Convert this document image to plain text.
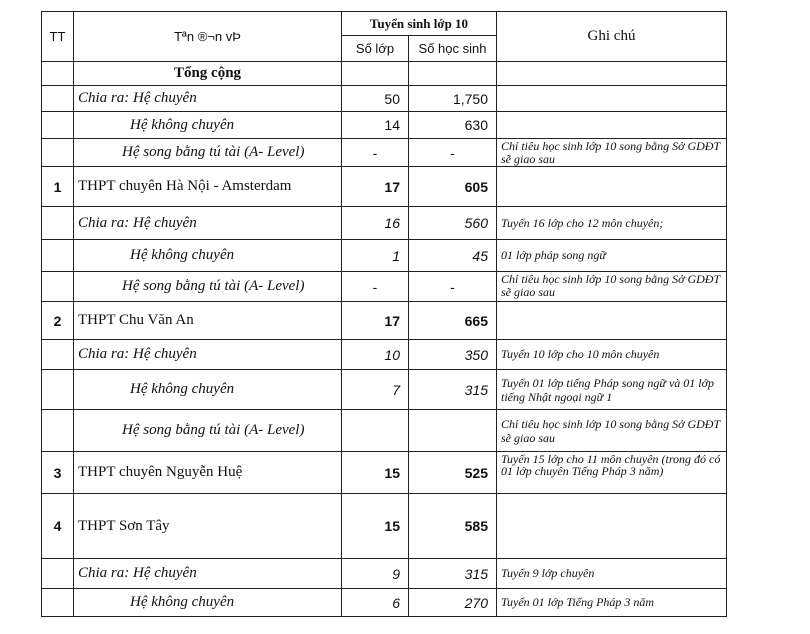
TT	Tªn ®¬n vÞ	Tuyển sinh lớp 10		Ghi chú
		Số lớp	Số học sinh	
	Tổng cộng			
	Chia ra: Hệ chuyên	50	1,750	
	Hệ không chuyên	14	630	
	Hệ song bằng tú tài (A- Level)	-	-	Chỉ tiêu học sinh lớp 10 song bằng Sở GDĐT sẽ giao sau
1	THPT chuyên Hà Nội - Amsterdam	17	605	
	Chia ra: Hệ chuyên	16	560	Tuyển 16 lớp cho 12 môn chuyên;
	Hệ không chuyên	1	45	01 lớp pháp song ngữ
	Hệ song bằng tú tài (A- Level)	-	-	Chỉ tiêu học sinh lớp 10 song bằng Sở GDĐT sẽ giao sau
2	THPT Chu Văn An	17	665	
	Chia ra: Hệ chuyên	10	350	Tuyển 10 lớp cho 10 môn chuyên
	Hệ không chuyên	7	315	Tuyển 01 lớp tiếng Pháp song ngữ và 01 lớp tiếng Nhật ngoại ngữ 1
	Hệ song bằng tú tài (A- Level)			Chỉ tiêu học sinh lớp 10 song bằng Sở GDĐT sẽ giao sau
3	THPT chuyên Nguyễn Huệ	15	525	Tuyển 15 lớp cho 11 môn chuyên (trong đó có 01 lớp chuyên Tiếng Pháp 3 năm)
4	THPT Sơn Tây	15	585	
	Chia ra: Hệ chuyên	9	315	Tuyển 9 lớp chuyên
	Hệ không chuyên	6	270	Tuyển 01 lớp Tiếng Pháp 3 năm
